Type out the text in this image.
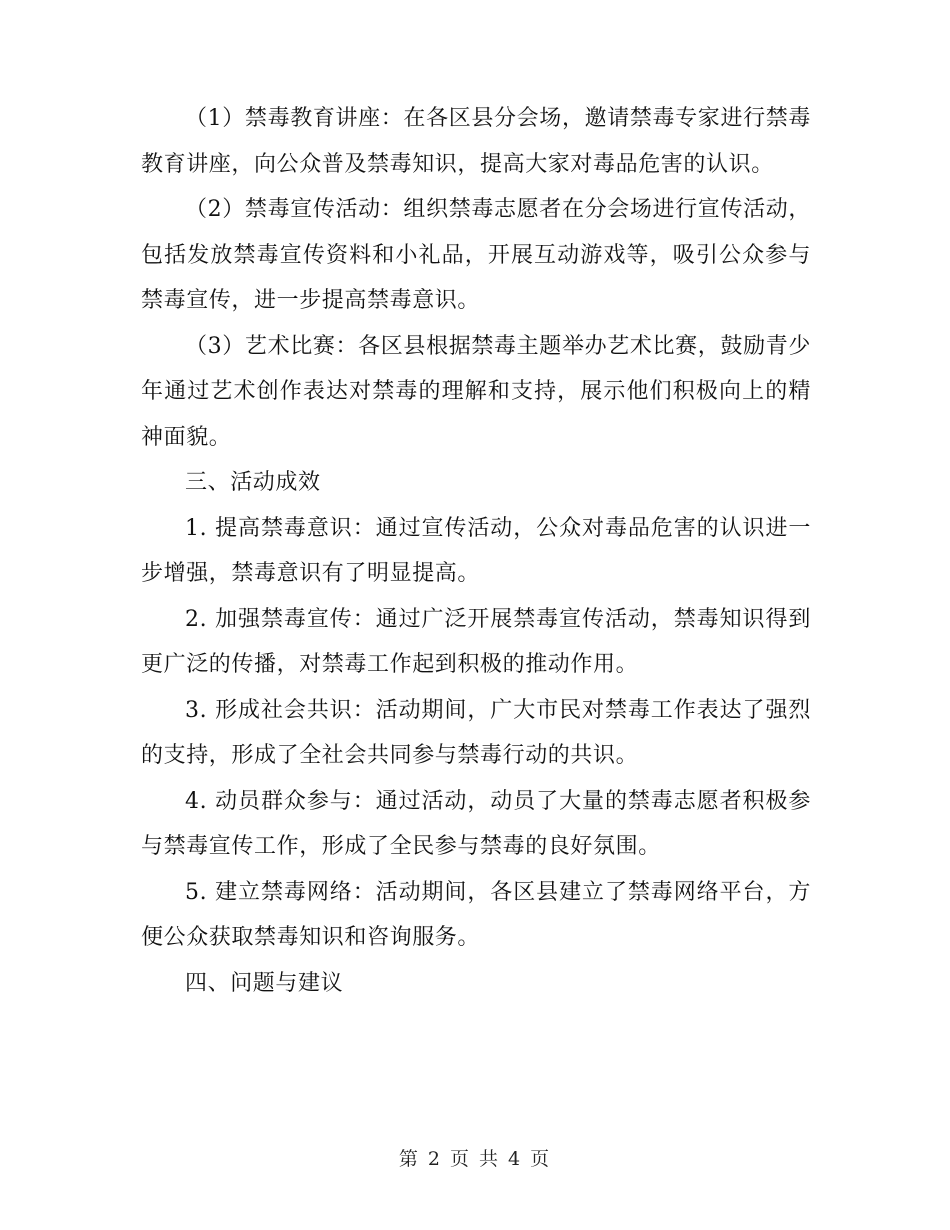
（1）禁毒教育讲座：在各区县分会场，邀请禁毒专家进行禁毒教育讲座，向公众普及禁毒知识，提高大家对毒品危害的认识。

（2）禁毒宣传活动：组织禁毒志愿者在分会场进行宣传活动，包括发放禁毒宣传资料和小礼品，开展互动游戏等，吸引公众参与禁毒宣传，进一步提高禁毒意识。

（3）艺术比赛：各区县根据禁毒主题举办艺术比赛，鼓励青少年通过艺术创作表达对禁毒的理解和支持，展示他们积极向上的精神面貌。

三、活动成效

1. 提高禁毒意识：通过宣传活动，公众对毒品危害的认识进一步增强，禁毒意识有了明显提高。

2. 加强禁毒宣传：通过广泛开展禁毒宣传活动，禁毒知识得到更广泛的传播，对禁毒工作起到积极的推动作用。

3. 形成社会共识：活动期间，广大市民对禁毒工作表达了强烈的支持，形成了全社会共同参与禁毒行动的共识。

4. 动员群众参与：通过活动，动员了大量的禁毒志愿者积极参与禁毒宣传工作，形成了全民参与禁毒的良好氛围。

5. 建立禁毒网络：活动期间，各区县建立了禁毒网络平台，方便公众获取禁毒知识和咨询服务。

四、问题与建议

第 2 页 共 4 页
